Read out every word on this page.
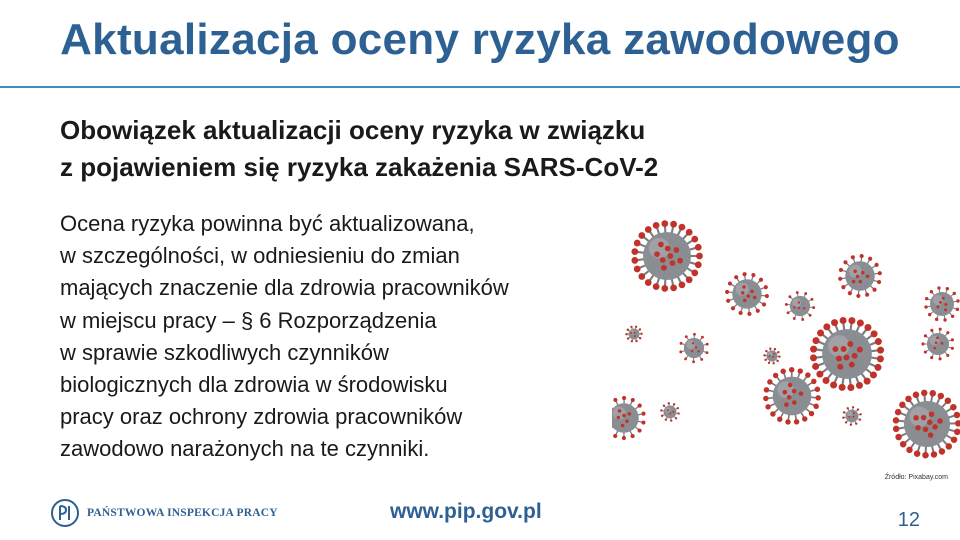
Aktualizacja oceny ryzyka zawodowego
Obowiązek aktualizacji oceny ryzyka w związku
z pojawieniem się ryzyka zakażenia SARS-CoV-2
Ocena ryzyka powinna być aktualizowana,
w szczególności, w odniesieniu do zmian
mających znaczenie dla zdrowia pracowników
w miejscu pracy – § 6 Rozporządzenia
w sprawie szkodliwych czynników
biologicznych dla zdrowia w środowisku
pracy oraz ochrony zdrowia pracowników
zawodowo narażonych na te czynniki.
Źródło: Pixabay.com
PAŃSTWOWA INSPEKCJA PRACY	www.pip.gov.pl	12
